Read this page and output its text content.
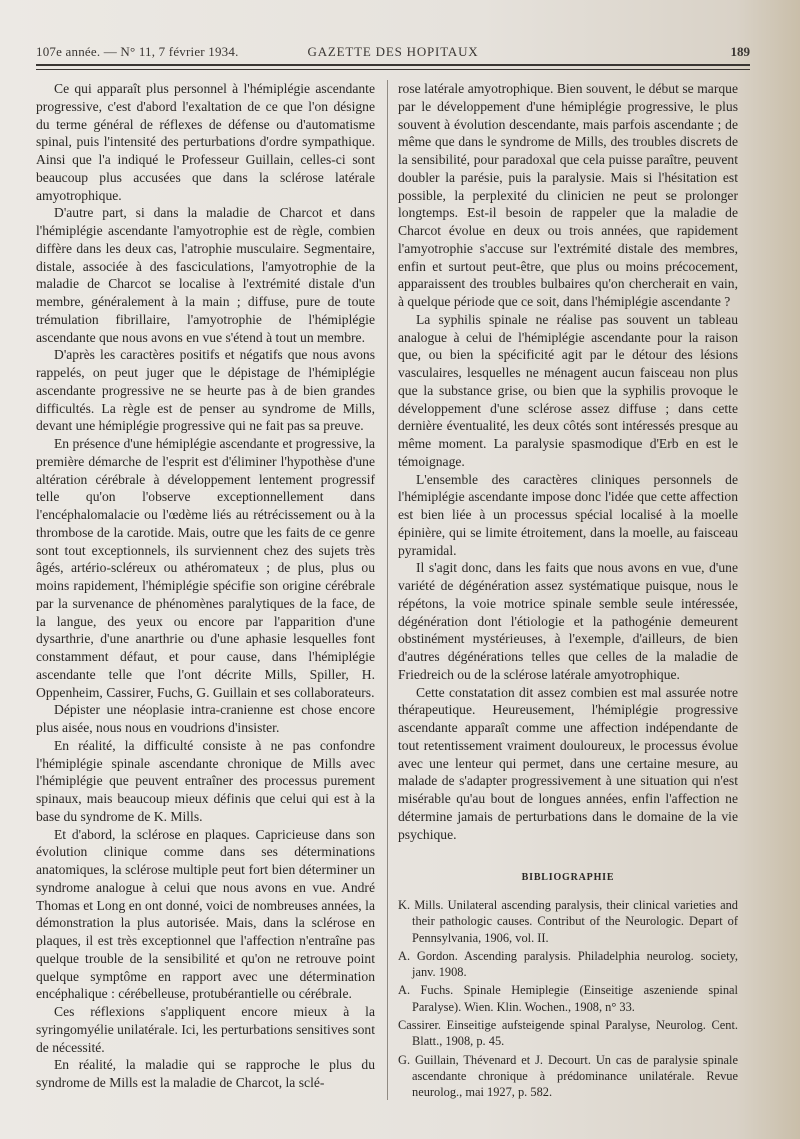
107e année. — N° 11, 7 février 1934.	GAZETTE DES HOPITAUX	189

Ce qui apparaît plus personnel à l'hémiplégie ascendante progressive, c'est d'abord l'exaltation de ce que l'on désigne du terme général de réflexes de défense ou d'automatisme spinal, puis l'intensité des perturbations d'ordre sympathique. Ainsi que l'a indiqué le Professeur Guillain, celles-ci sont beaucoup plus accusées que dans la sclérose latérale amyotrophique.

D'autre part, si dans la maladie de Charcot et dans l'hémiplégie ascendante l'amyotrophie est de règle, combien diffère dans les deux cas, l'atrophie musculaire. Segmentaire, distale, associée à des fasciculations, l'amyotrophie de la maladie de Charcot se localise à l'extrémité distale d'un membre, généralement à la main ; diffuse, pure de toute trémulation fibrillaire, l'amyotrophie de l'hémiplégie ascendante que nous avons en vue s'étend à tout un membre.

D'après les caractères positifs et négatifs que nous avons rappelés, on peut juger que le dépistage de l'hémiplégie ascendante progressive ne se heurte pas à de bien grandes difficultés. La règle est de penser au syndrome de Mills, devant une hémiplégie progressive qui ne fait pas sa preuve.

En présence d'une hémiplégie ascendante et progressive, la première démarche de l'esprit est d'éliminer l'hypothèse d'une altération cérébrale à développement lentement progressif telle qu'on l'observe exceptionnellement dans l'encéphalomalacie ou l'œdème liés au rétrécissement ou à la thrombose de la carotide. Mais, outre que les faits de ce genre sont tout exceptionnels, ils surviennent chez des sujets très âgés, artério-scléreux ou athéromateux ; de plus, plus ou moins rapidement, l'hémiplégie spécifie son origine cérébrale par la survenance de phénomènes paralytiques de la face, de la langue, des yeux ou encore par l'apparition d'une dysarthrie, d'une anarthrie ou d'une aphasie lesquelles font constamment défaut, et pour cause, dans l'hémiplégie ascendante telle que l'ont décrite Mills, Spiller, H. Oppenheim, Cassirer, Fuchs, G. Guillain et ses collaborateurs.

Dépister une néoplasie intra-cranienne est chose encore plus aisée, nous nous en voudrions d'insister.

En réalité, la difficulté consiste à ne pas confondre l'hémiplégie spinale ascendante chronique de Mills avec l'hémiplégie que peuvent entraîner des processus purement spinaux, mais beaucoup mieux définis que celui qui est à la base du syndrome de K. Mills.

Et d'abord, la sclérose en plaques. Capricieuse dans son évolution clinique comme dans ses déterminations anatomiques, la sclérose multiple peut fort bien déterminer un syndrome analogue à celui que nous avons en vue. André Thomas et Long en ont donné, voici de nombreuses années, la démonstration la plus autorisée. Mais, dans la sclérose en plaques, il est très exceptionnel que l'affection n'entraîne pas quelque trouble de la sensibilité et qu'on ne retrouve point quelque symptôme en rapport avec une détermination encéphalique : cérébelleuse, protubérantielle ou cérébrale.

Ces réflexions s'appliquent encore mieux à la syringomyélie unilatérale. Ici, les perturbations sensitives sont de nécessité.

En réalité, la maladie qui se rapproche le plus du syndrome de Mills est la maladie de Charcot, la sclé-

rose latérale amyotrophique. Bien souvent, le début se marque par le développement d'une hémiplégie progressive, le plus souvent à évolution descendante, mais parfois ascendante ; de même que dans le syndrome de Mills, des troubles discrets de la sensibilité, pour paradoxal que cela puisse paraître, peuvent doubler la parésie, puis la paralysie. Mais si l'hésitation est possible, la perplexité du clinicien ne peut se prolonger longtemps. Est-il besoin de rappeler que la maladie de Charcot évolue en deux ou trois années, que rapidement l'amyotrophie s'accuse sur l'extrémité distale des membres, enfin et surtout peut-être, que plus ou moins précocement, apparaissent des troubles bulbaires qu'on chercherait en vain, à quelque période que ce soit, dans l'hémiplégie ascendante ?

La syphilis spinale ne réalise pas souvent un tableau analogue à celui de l'hémiplégie ascendante pour la raison que, ou bien la spécificité agit par le détour des lésions vasculaires, lesquelles ne ménagent aucun faisceau non plus que la substance grise, ou bien que la syphilis provoque le développement d'une sclérose assez diffuse ; dans cette dernière éventualité, les deux côtés sont intéressés presque au même moment. La paralysie spasmodique d'Erb en est le témoignage.

L'ensemble des caractères cliniques personnels de l'hémiplégie ascendante impose donc l'idée que cette affection est bien liée à un processus spécial localisé à la moelle épinière, qui se limite étroitement, dans la moelle, au faisceau pyramidal.

Il s'agit donc, dans les faits que nous avons en vue, d'une variété de dégénération assez systématique puisque, nous le répétons, la voie motrice spinale semble seule intéressée, dégénération dont l'étiologie et la pathogénie demeurent obstinément mystérieuses, à l'exemple, d'ailleurs, de bien d'autres dégénérations telles que celles de la maladie de Friedreich ou de la sclérose latérale amyotrophique.

Cette constatation dit assez combien est mal assurée notre thérapeutique. Heureusement, l'hémiplégie progressive ascendante apparaît comme une affection indépendante de tout retentissement vraiment douloureux, le processus évolue avec une lenteur qui permet, dans une certaine mesure, au malade de s'adapter progressivement à une situation qui n'est misérable qu'au bout de longues années, enfin l'affection ne détermine jamais de perturbations dans le domaine de la vie psychique.

BIBLIOGRAPHIE

K. Mills. Unilateral ascending paralysis, their clinical varieties and their pathologic causes. Contribut of the Neurologic. Depart of Pennsylvania, 1906, vol. II.
A. Gordon. Ascending paralysis. Philadelphia neurolog. society, janv. 1908.
A. Fuchs. Spinale Hemiplegie (Einseitige aszeniende spinal Paralyse). Wien. Klin. Wochen., 1908, n° 33.
Cassirer. Einseitige aufsteigende spinal Paralyse, Neurolog. Cent. Blatt., 1908, p. 45.
G. Guillain, Thévenard et J. Decourt. Un cas de paralysie spinale ascendante chronique à prédominance unilatérale. Revue neurolog., mai 1927, p. 582.
